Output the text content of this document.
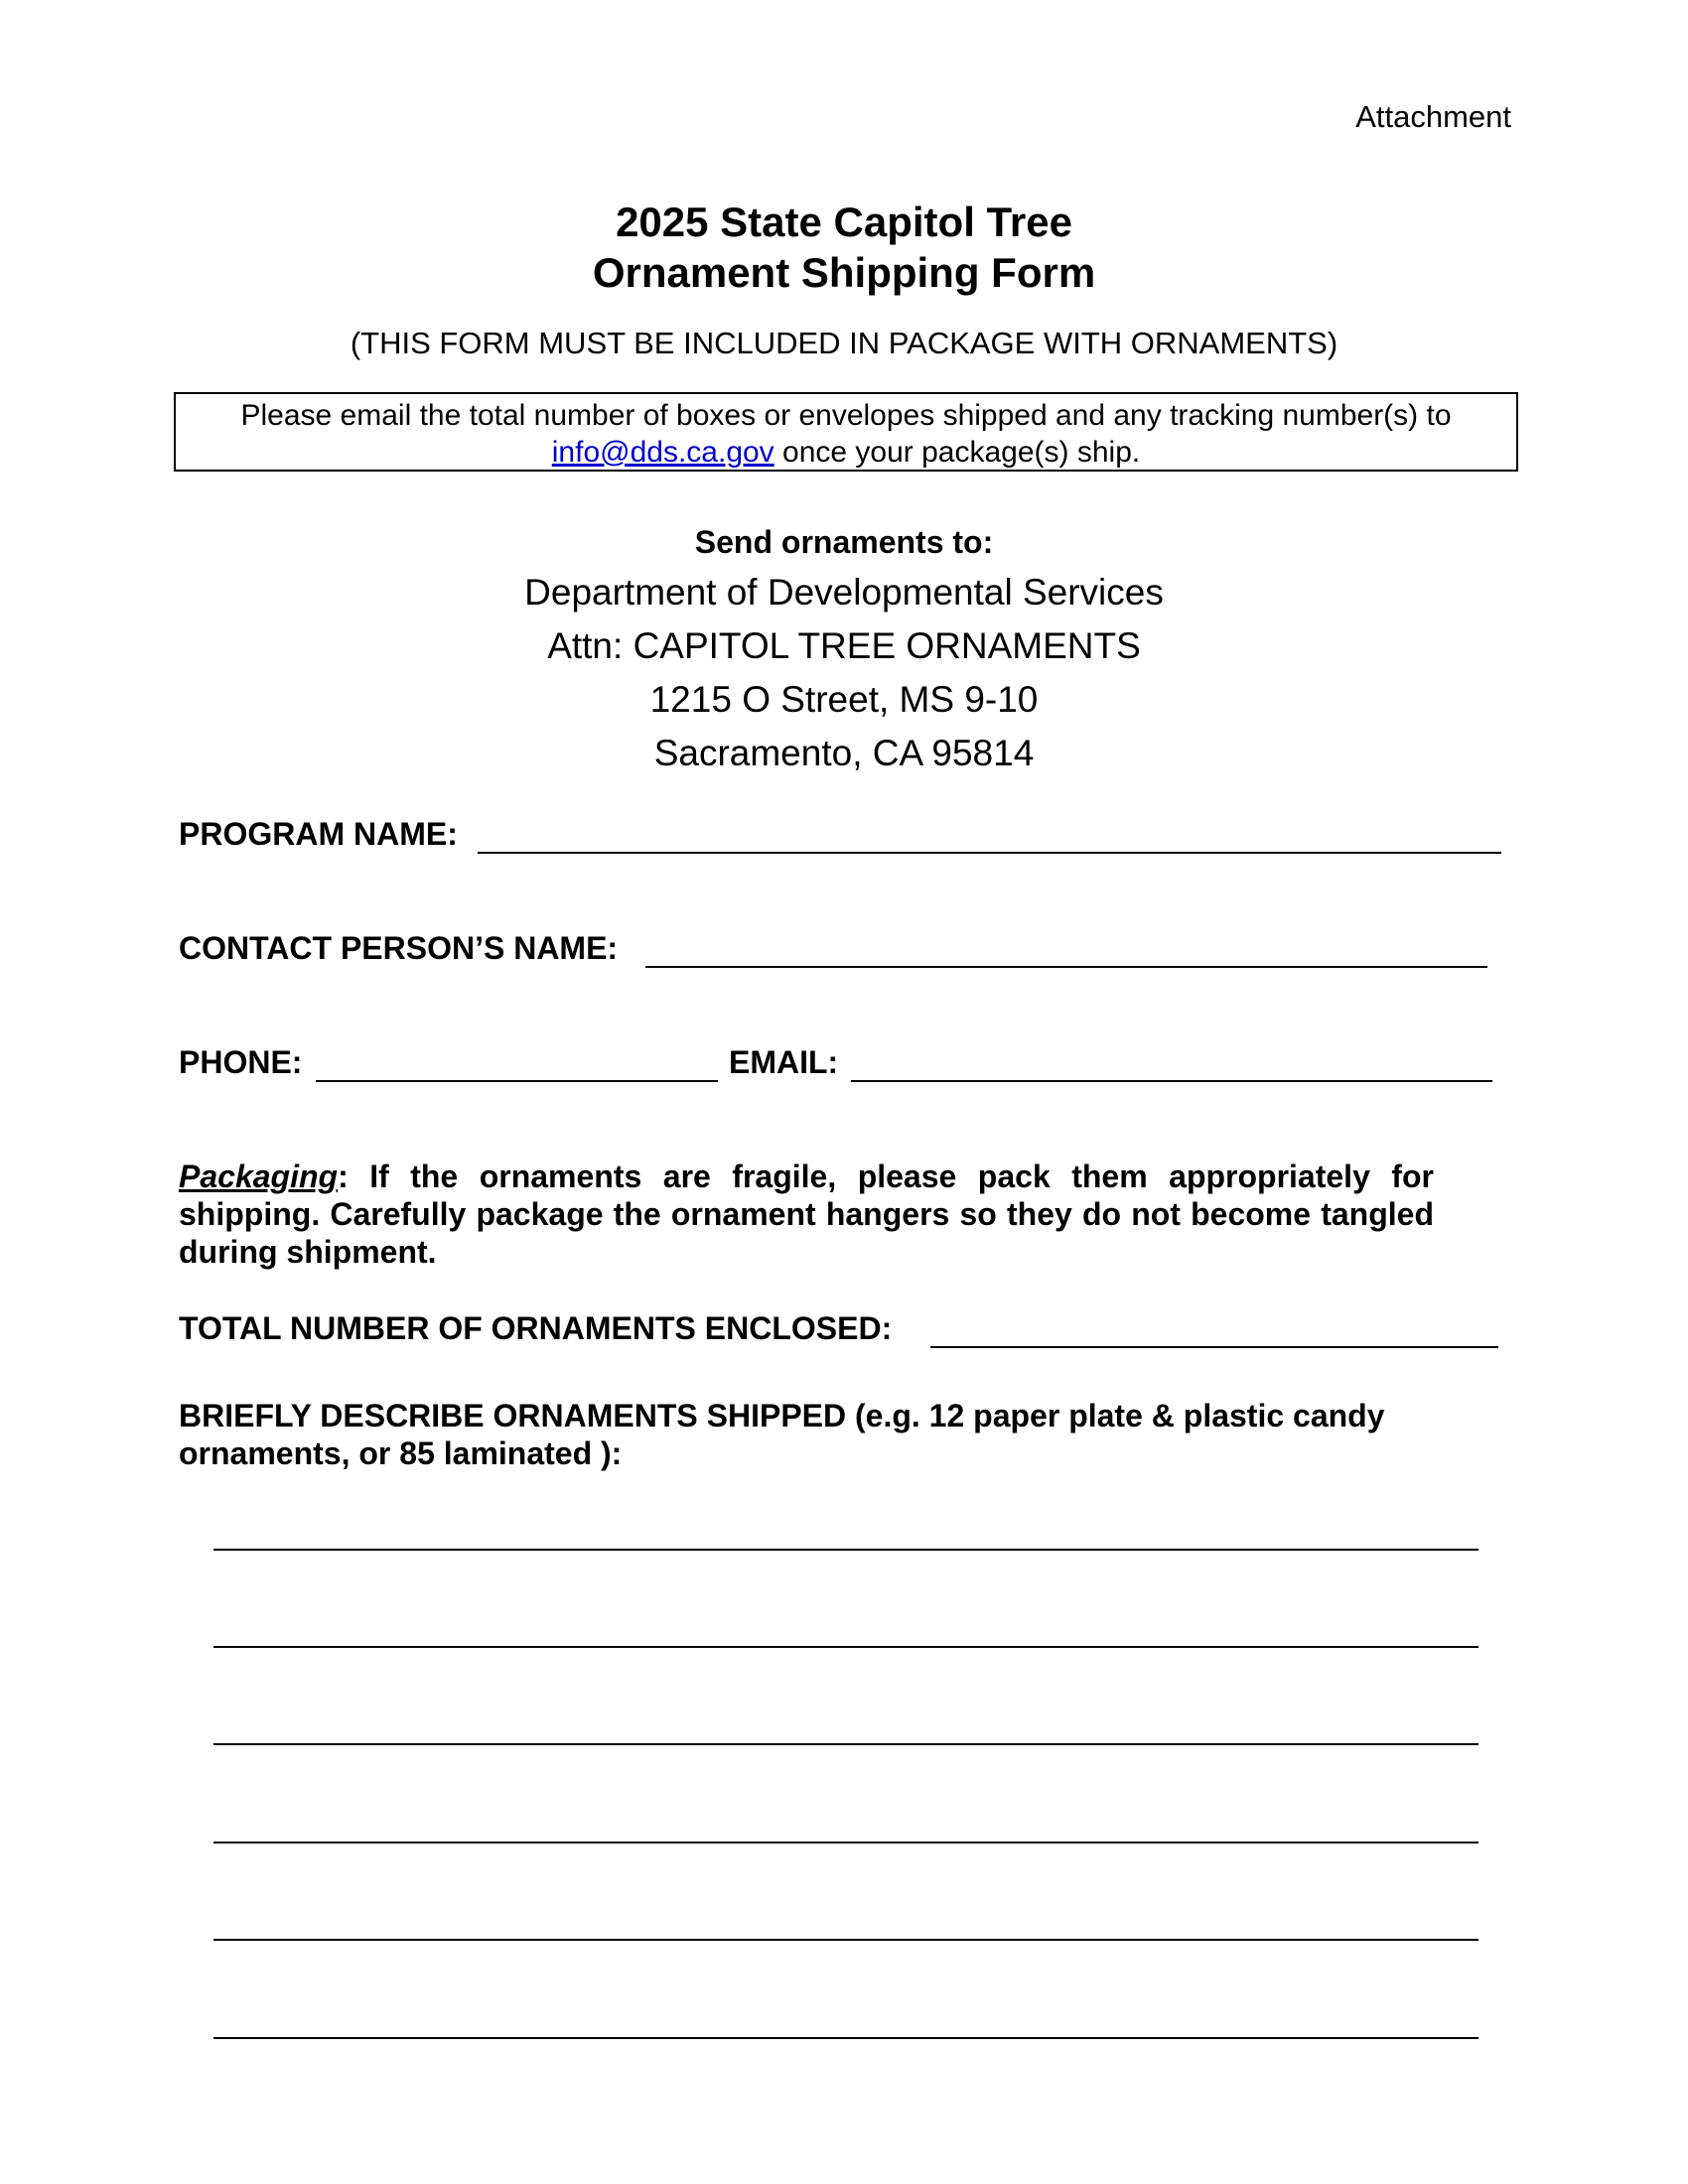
Attachment
2025 State Capitol Tree
Ornament Shipping Form
(THIS FORM MUST BE INCLUDED IN PACKAGE WITH ORNAMENTS)
Please email the total number of boxes or envelopes shipped and any tracking number(s) to info@dds.ca.gov once your package(s) ship.
Send ornaments to:
Department of Developmental Services
Attn: CAPITOL TREE ORNAMENTS
1215 O Street, MS 9-10
Sacramento, CA 95814
PROGRAM NAME:
CONTACT PERSON’S NAME:
PHONE:	EMAIL:
Packaging: If the ornaments are fragile, please pack them appropriately for shipping. Carefully package the ornament hangers so they do not become tangled during shipment.
TOTAL NUMBER OF ORNAMENTS ENCLOSED:
BRIEFLY DESCRIBE ORNAMENTS SHIPPED (e.g. 12 paper plate & plastic candy ornaments, or 85 laminated ):
